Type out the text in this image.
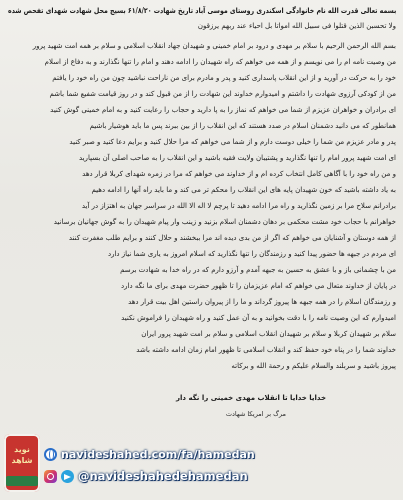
بسمه تعالی قدرت الله نام خانوادگی اسکندری روستای موسی آباد تاریخ شهادت ۶۱/۸/۲۰ بسیج محل شهادت شهدای تفحص شده
ولا تحسبن الذین قتلوا فی سبیل الله امواتا بل احیاء عند ربهم یرزقون
بسم الله الرحمن الرحیم با سلام بر مهدی و درود بر امام خمینی و شهیدان جهاد انقلاب اسلامی و سلام بر همه امت شهید پرور
من وصیت نامه ام را می نویسم و از همه می خواهم که راه شهیدان را ادامه دهند و امام را تنها نگذارند و به دفاع از اسلام
خود را به حرکت در آورید و از این انقلاب پاسداری کنید و پدر و مادرم برای من ناراحت نباشید چون من راه خود را یافتم
من از کودکی آرزوی شهادت را داشتم و امیدوارم خداوند این شهادت را از من قبول کند و در روز قیامت شفیع شما باشم
ای برادران و خواهران عزیزم از شما می خواهم که نماز را به پا دارید و حجاب را رعایت کنید و به امام خمینی گوش کنید
همانطور که می دانید دشمنان اسلام در صدد هستند که این انقلاب را از بین ببرند پس ما باید هوشیار باشیم
پدر و مادر عزیزم من شما را خیلی دوست دارم و از شما می خواهم که مرا حلال کنید و برایم دعا کنید و صبر کنید
ای امت شهید پرور امام را تنها نگذارید و پشتیبان ولایت فقیه باشید و این انقلاب را به صاحب اصلی آن بسپارید
و من راه خود را با آگاهی کامل انتخاب کرده ام و از خداوند می خواهم که مرا در زمره شهدای کربلا قرار دهد
به یاد داشته باشید که خون شهیدان پایه های این انقلاب را محکم تر می کند و ما باید راه آنها را ادامه دهیم
برادرانم سلاح مرا بر زمین نگذارید و راه مرا ادامه دهید تا پرچم لا اله الا الله در سراسر جهان به اهتزاز در آید
خواهرانم با حجاب خود مشت محکمی بر دهان دشمنان اسلام بزنید و زینب وار پیام شهیدان را به گوش جهانیان برسانید
از همه دوستان و آشنایان می خواهم که اگر از من بدی دیده اند مرا ببخشند و حلال کنند و برایم طلب مغفرت کنند
ای مردم در جبهه ها حضور پیدا کنید و رزمندگان را تنها نگذارید که اسلام امروز به یاری شما نیاز دارد
من با چشمانی باز و با عشق به حسین به جبهه آمدم و آرزو دارم که در راه خدا به شهادت برسم
در پایان از خداوند متعال می خواهم که امام عزیزمان را تا ظهور حضرت مهدی برای ما نگه دارد
و رزمندگان اسلام را در همه جبهه ها پیروز گرداند و ما را از پیروان راستین اهل بیت قرار دهد
امیدوارم که این وصیت نامه را با دقت بخوانید و به آن عمل کنید و راه شهیدان را فراموش نکنید
سلام بر شهیدان کربلا و سلام بر شهیدان انقلاب اسلامی و سلام بر امت شهید پرور ایران
خداوند شما را در پناه خود حفظ کند و انقلاب اسلامی تا ظهور امام زمان ادامه داشته باشد
پیروز باشید و سربلند والسلام علیکم و رحمة الله و برکاته
خدایا خدایا تا انقلاب مهدی خمینی را نگه دار
مرگ بر امریکا شهادت
نوید
شاهد	navideshahed.com/fa/hamedan
@navideshahedehamedan
